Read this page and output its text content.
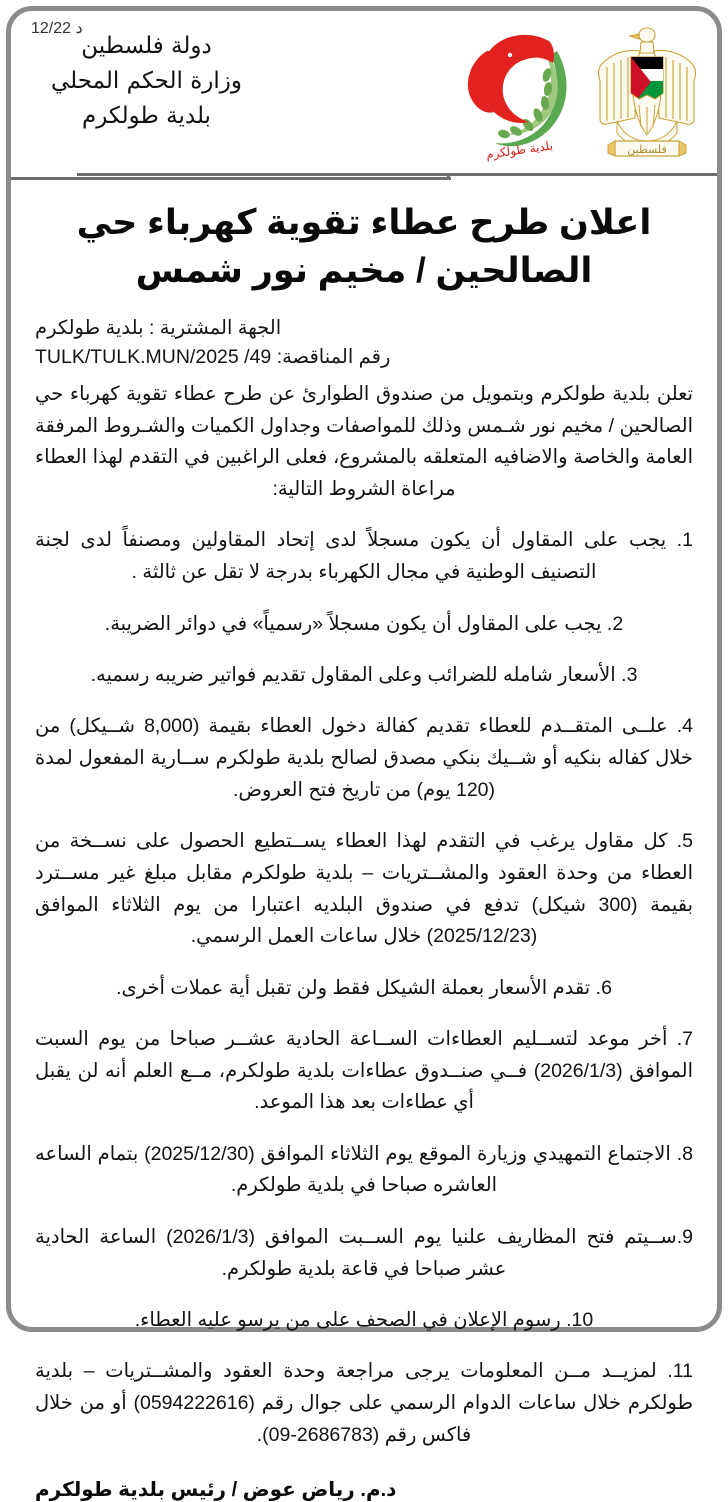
د 12/22
دولة فلسطين
وزارة الحكم المحلي
بلدية طولكرم
بلدية طولكرم	فلسطين
اعلان طرح عطاء تقوية كهرباء حي الصالحين / مخيم نور شمس
الجهة المشترية : بلدية طولكرم
رقم المناقصة: TULK/TULK.MUN/2025 /49

تعلن بلدية طولكرم وبتمويل من صندوق الطوارئ عن طرح عطاء تقوية كهرباء حي الصالحين / مخيم نور شـمس وذلك للمواصفات وجداول الكميات والشـروط المرفقة العامة والخاصة والاضافيه المتعلقه بالمشروع، فعلى الراغبين في التقدم لهذا العطاء مراعاة الشروط التالية:

1. يجب على المقاول أن يكون مسجلاً لدى إتحاد المقاولين ومصنفاً لدى لجنة التصنيف الوطنية في مجال الكهرباء بدرجة لا تقل عن ثالثة .

2. يجب على المقاول أن يكون مسجلاً «رسمياً» في دوائر الضريبة.

3. الأسعار شامله للضرائب وعلى المقاول تقديم فواتير ضريبه رسميه.

4. علــى المتقــدم للعطاء تقديم كفالة دخول العطاء بقيمة (8,000 شــيكل) من خلال كفاله بنكيه أو شــيك بنكي مصدق لصالح بلدية طولكرم ســارية المفعول لمدة (120 يوم) من تاريخ فتح العروض.

5. كل مقاول يرغب في التقدم لهذا العطاء يســتطيع الحصول على نســخة من العطاء من وحدة العقود والمشــتريات – بلدية طولكرم مقابل مبلغ غير مســترد بقيمة (300 شيكل) تدفع في صندوق البلديه اعتبارا من يوم الثلاثاء الموافق (2025/12/23) خلال ساعات العمل الرسمي.

6. تقدم الأسعار بعملة الشيكل فقط ولن تقبل أية عملات أخرى.

7. أخر موعد لتســليم العطاءات الســاعة الحادية عشــر صباحا من يوم السبت الموافق (2026/1/3) فــي صنــدوق عطاءات بلدية طولكرم، مــع العلم أنه لن يقبل أي عطاءات بعد هذا الموعد.

8. الاجتماع التمهيدي وزيارة الموقع يوم الثلاثاء الموافق (2025/12/30) بتمام الساعه العاشره صباحا في بلدية طولكرم.

9.ســيتم فتح المظاريف علنيا يوم الســبت الموافق (2026/1/3) الساعة الحادية عشر صباحا في قاعة بلدية طولكرم.

10. رسوم الإعلان في الصحف على من يرسو عليه العطاء.

11. لمزيــد مــن المعلومات يرجى مراجعة وحدة العقود والمشــتريات – بلدية طولكرم خلال ساعات الدوام الرسمي على جوال رقم (0594222616) أو من خلال فاكس رقم (2686783-09).

د.م. رياض عوض / رئيس بلدية طولكرم
